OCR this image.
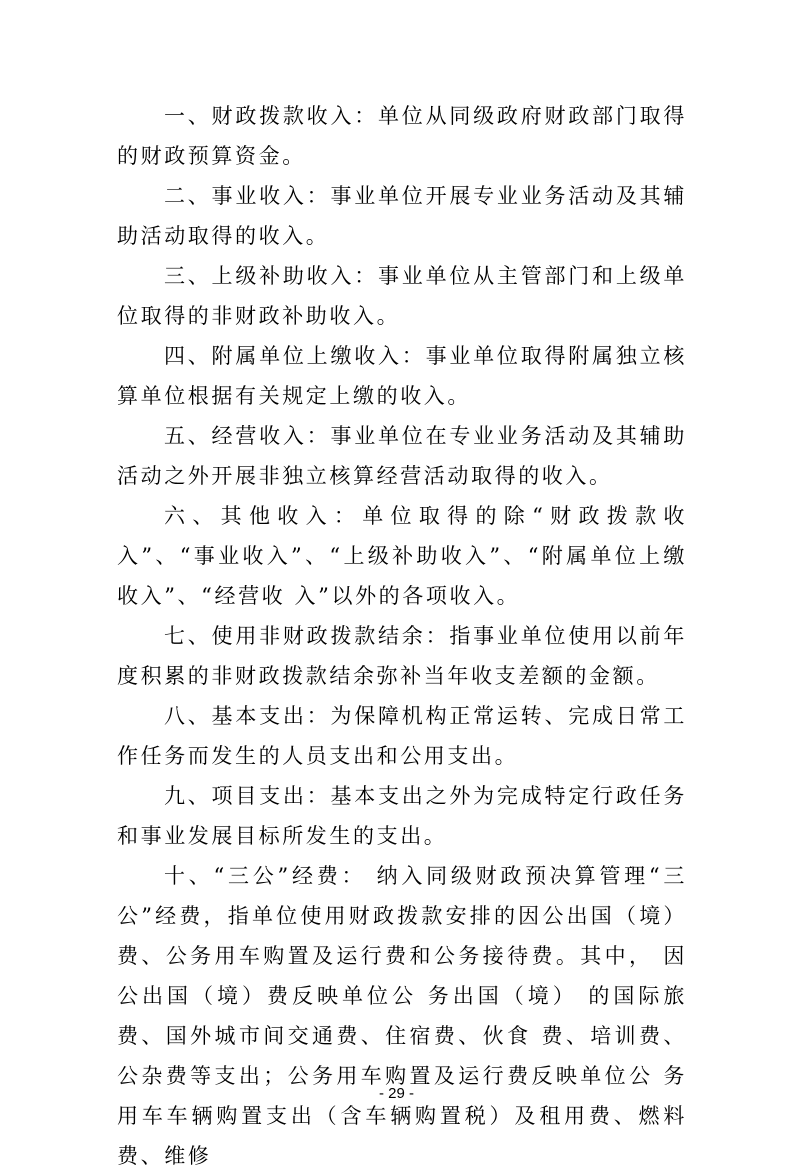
一、财政拨款收入：单位从同级政府财政部门取得的财政预算资金。

二、事业收入：事业单位开展专业业务活动及其辅助活动取得的收入。

三、上级补助收入：事业单位从主管部门和上级单位取得的非财政补助收入。

四、附属单位上缴收入：事业单位取得附属独立核算单位根据有关规定上缴的收入。

五、经营收入：事业单位在专业业务活动及其辅助活动之外开展非独立核算经营活动取得的收入。

六、其他收入：单位取得的除“财政拨款收入”、“事业收入”、“上级补助收入”、“附属单位上缴收入”、“经营收 入”以外的各项收入。

七、使用非财政拨款结余：指事业单位使用以前年度积累的非财政拨款结余弥补当年收支差额的金额。

八、基本支出：为保障机构正常运转、完成日常工作任务而发生的人员支出和公用支出。

九、项目支出：基本支出之外为完成特定行政任务和事业发展目标所发生的支出。

十、“三公”经费： 纳入同级财政预决算管理“三公”经费，指单位使用财政拨款安排的因公出国（境）费、公务用车购置及运行费和公务接待费。其中， 因公出国（境）费反映单位公 务出国（境） 的国际旅费、国外城市间交通费、住宿费、伙食 费、培训费、公杂费等支出；公务用车购置及运行费反映单位公 务用车车辆购置支出（含车辆购置税）及租用费、燃料费、维修

- 29 -
